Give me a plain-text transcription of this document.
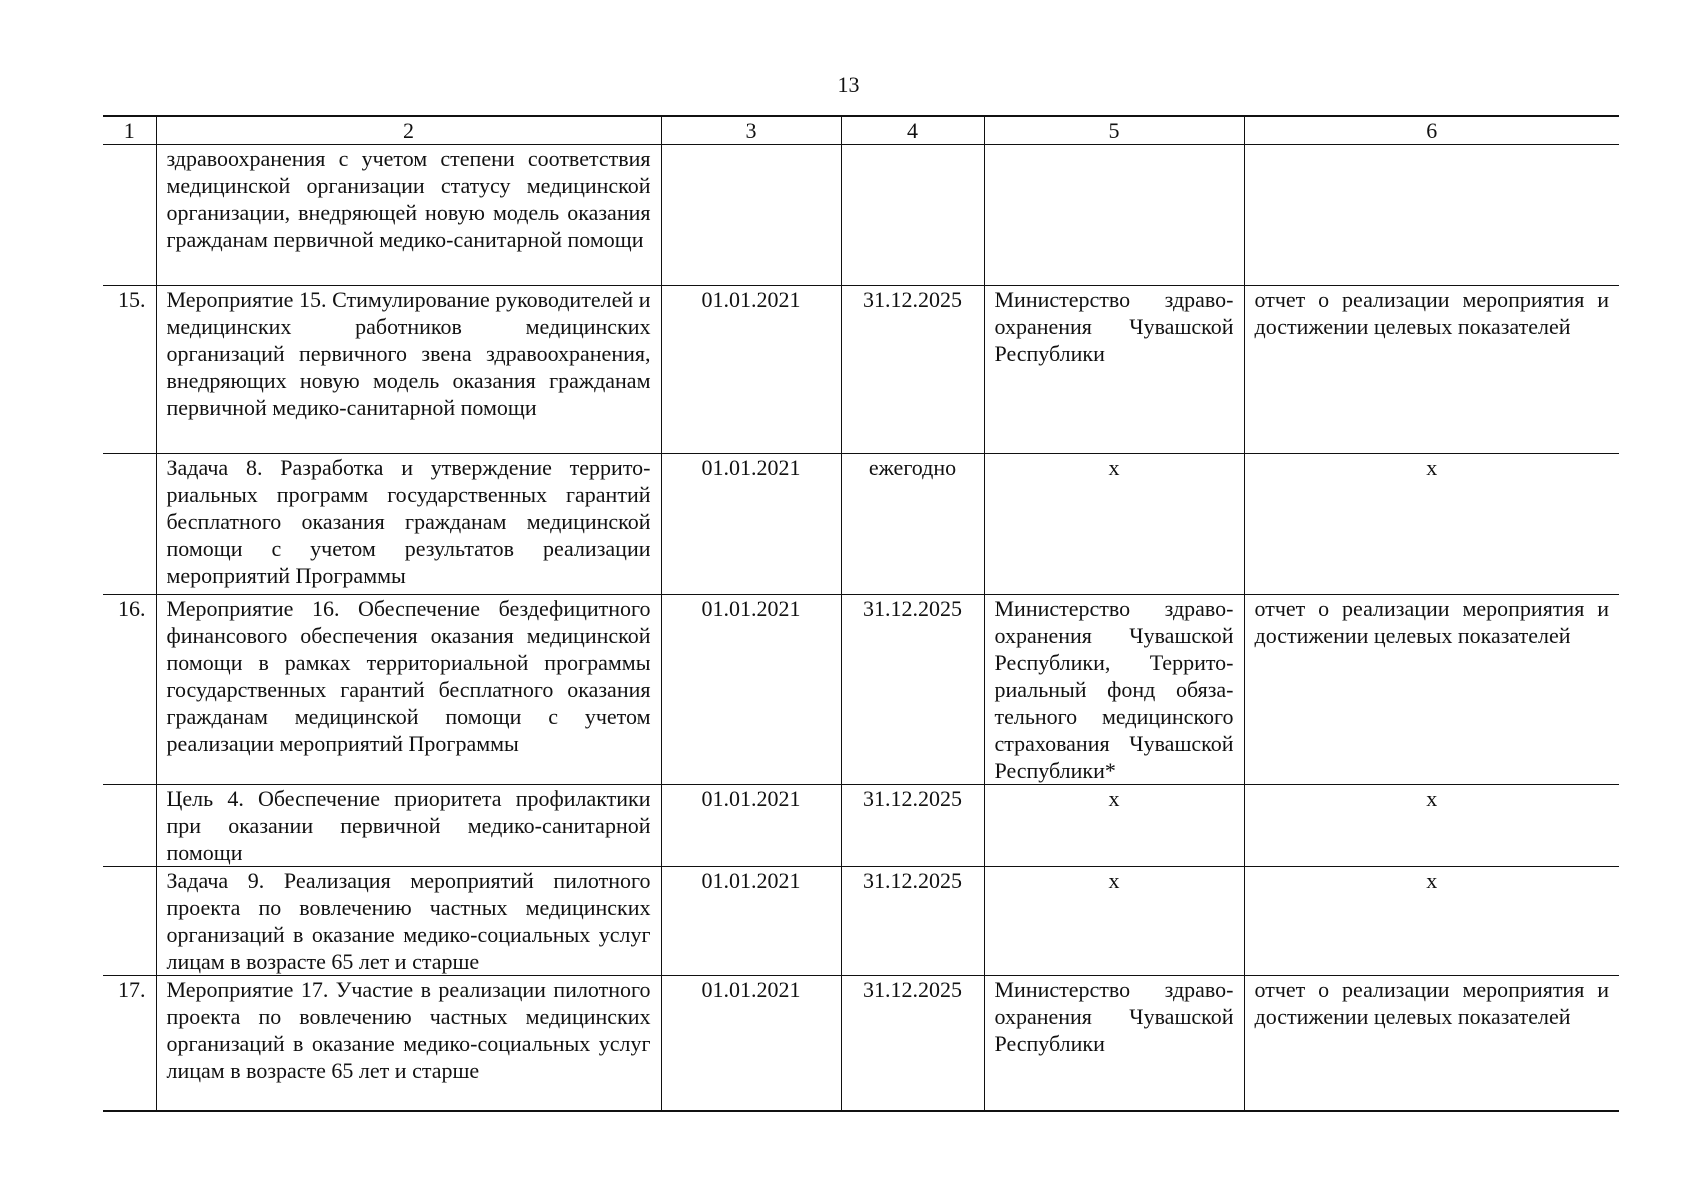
13
1	2	3	4	5	6
	здравоохранения с учетом степени соответствия медицинской организации статусу медицинской организации, внедряющей новую модель оказания гражданам первичной медико-санитарной помощи				
15.	Мероприятие 15. Стимулирование руководителей и медицинских работников медицинских организаций первичного звена здравоохранения, внедряющих новую модель оказания гражданам первичной медико-санитарной помощи	01.01.2021	31.12.2025	Министерство здравоохранения Чувашской Республики	отчет о реализации мероприятия и достижении целевых показателей
	Задача 8. Разработка и утверждение территориальных программ государственных гарантий бесплатного оказания гражданам медицинской помощи с учетом результатов реализации мероприятий Программы	01.01.2021	ежегодно	х	х
16.	Мероприятие 16. Обеспечение бездефицитного финансового обеспечения оказания медицинской помощи в рамках территориальной программы государственных гарантий бесплатного оказания гражданам медицинской помощи с учетом реализации мероприятий Программы	01.01.2021	31.12.2025	Министерство здравоохранения Чувашской Республики, Территориальный фонд обязательного медицинского страхования Чувашской Республики*	отчет о реализации мероприятия и достижении целевых показателей
	Цель 4. Обеспечение приоритета профилактики при оказании первичной медико-санитарной помощи	01.01.2021	31.12.2025	х	х
	Задача 9. Реализация мероприятий пилотного проекта по вовлечению частных медицинских организаций в оказание медико-социальных услуг лицам в возрасте 65 лет и старше	01.01.2021	31.12.2025	х	х
17.	Мероприятие 17. Участие в реализации пилотного проекта по вовлечению частных медицинских организаций в оказание медико-социальных услуг лицам в возрасте 65 лет и старше	01.01.2021	31.12.2025	Министерство здравоохранения Чувашской Республики	отчет о реализации мероприятия и достижении целевых показателей
